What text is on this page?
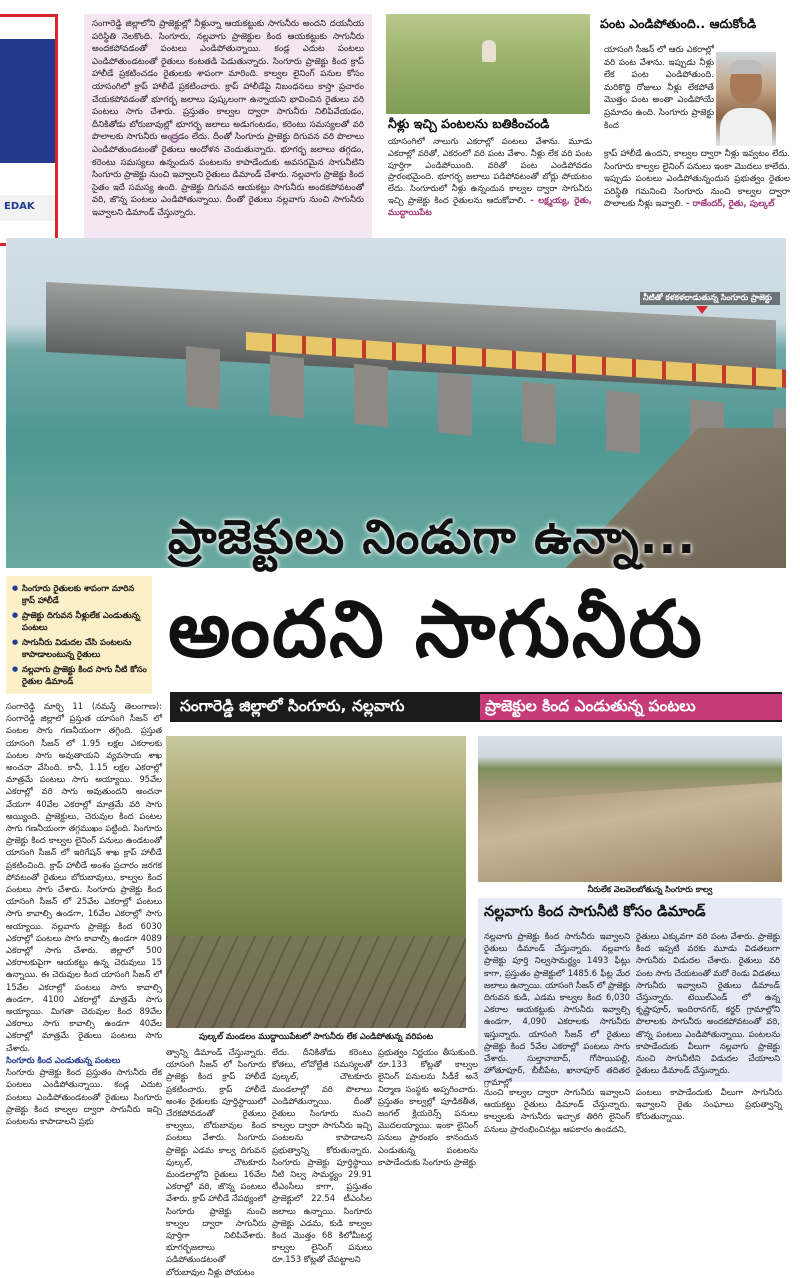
EDAK
సంగారెడ్డి జిల్లాలోని ప్రాజెక్టుల్లో నీళ్లున్నా ఆయకట్టుకు సాగునీరు అందని దయనీయ పరిస్థితి నెలకొంది. సింగూరు, నల్లవాగు ప్రాజెక్టుల కింద ఆయకట్టుకు సాగునీరు అందకపోవడంతో పంటలు ఎండిపోతున్నాయి. కండ్ల ఎదుట పంటలు ఎండిపోతుండటంతో రైతులు కంటతడి పెడుతున్నారు. సింగూరు ప్రాజెక్టు కింద క్రాప్ హాలీడే ప్రకటించడం రైతులకు శాపంగా మారింది. కాల్వల లైనింగ్ పనుల కోసం యాసంగిలో క్రాప్ హాలీడే ప్రకటించారు. క్రాప్ హాలీడేపై నిబంధనలు కాస్తా ప్రచారం చేయకపోవడంతో భూగర్భ జలాలు పుష్కలంగా ఉన్నాయని భావించిన రైతులు వరి పంటలు సాగు చేశారు. ప్రస్తుతం కాల్వల ద్వారా సాగునీరు నిలిపివేయడం, దీనికితోడు బోరుబావుల్లో భూగర్భ జలాలు అడుగంటడం, కరెంటు సమస్యలతో వరి పొలాలకు సాగునీరు అందడం లేదు. దీంతో సింగూరు ప్రాజెక్టు దిగువన వరి పొలాలు ఎండిపోతుండటంతో రైతులు ఆందోళన చెందుతున్నారు. భూగర్భ జలాలు తగ్గడం, కరెంటు సమస్యలు ఉన్నందున పంటలను కాపాడేందుకు అవసరమైన సాగునీటిని సింగూరు ప్రాజెక్టు నుంచి ఇవ్వాలని రైతులు డిమాండ్ చేశారు. నల్లవాగు ప్రాజెక్టు కింద సైతం ఇదే సమస్య ఉంది. ప్రాజెక్టు దిగువన ఆయకట్టు సాగునీరు అందకపోవటంతో వరి, జొన్న పంటలు ఎండిపోతున్నాయి. దీంతో రైతులు నల్లవాగు నుంచి సాగునీరు ఇవ్వాలని డిమాండ్ చేస్తున్నారు.
నీళ్లు ఇచ్చి పంటలను బతికించండి
యాసంగిలో నాలుగు ఎకరాల్లో పంటలు వేశాను. మూడు ఎకరాల్లో వరితో, ఎకరంలో వరి పంట వేశాం. నీళ్లు లేక వరి పంట పూర్తిగా ఎండిపోయింది. వరితో పంట ఎండిపోవడం ప్రారంభమైంది. భూగర్భ జలాలు పడిపోవటంతో బోర్లు పోయటం లేదు. సింగూరులో నీళ్లు ఉన్నందున కాల్వల ద్వారా సాగునీరు ఇచ్చి ప్రాజెక్టు కింద రైతులను ఆదుకోవాలి. - లక్ష్మయ్య, రైతు, ముద్దాయిపేట
పంట ఎండిపోతుంది.. ఆదుకోండి
యాసంగి సీజన్ లో ఆరు ఎకరాల్లో వరి పంట వేశాను. ఇప్పుడు నీళ్లు లేక పంట ఎండిపోతుంది. మరికొద్ది రోజులు నీళ్లు లేకపోతే మొత్తం పంట అంతా ఎండిపోయే ప్రమాదం ఉంది. సింగూరు ప్రాజెక్టు కింద
క్రాప్ హాలీడే ఉందని, కాల్వల ద్వారా నీళ్లు ఇవ్వటం లేదు. సింగూరు కాల్వల లైనింగ్ పనులు ఇంకా మొదలు కాలేదు. ఇప్పుడు పంటలు ఎండిపోతున్నందున ప్రభుత్వం రైతుల పరిస్థితి గమనించి సింగూరు నుంచి కాల్వల ద్వారా పొలాలకు నీళ్లు ఇవ్వాలి. - రాజేందర్, రైతు, పుల్కల్
నీటితో కళకళలాడుతున్న సింగూరు ప్రాజెక్టు
ప్రాజెక్టులు నిండుగా ఉన్నా...
అందని సాగునీరు
● సింగూరు రైతులకు శాపంగా మారిన క్రాప్ హాలీడే
● ప్రాజెక్టు దిగువన నీళ్లులేక ఎండుతున్న పంటలు
● సాగునీరు విడుదల చేసి పంటలను కాపాడాలంటున్న రైతులు
● నల్లవాగు ప్రాజెక్టు కింద సాగు నీటి కోసం రైతుల డిమాండ్
సంగారెడ్డి జిల్లాలో సింగూరు, నల్లవాగు	ప్రాజెక్టుల కింద ఎండుతున్న పంటలు
సంగారెడ్డి మార్చి 11 (నమస్తే తెలంగాణ): సంగారెడ్డి జిల్లాలో ప్రస్తుత యాసంగి సీజన్ లో పంటల సాగు గణనీయంగా తగ్గింది. ప్రస్తుత యాసంగి సీజన్ లో 1.95 లక్షల ఎకరాలకు పంటల సాగు అవుతాయని వ్యవసాయ శాఖ అంచనా వేసింది. కానీ, 1.15 లక్షల ఎకరాల్లో మాత్రమే పంటలు సాగు అయ్యాయి. 95వేల ఎకరాల్లో వరి సాగు అవుతుందని అంచనా వేయగా 40వేల ఎకరాల్లో మాత్రమే వరి సాగు అయ్యింది. ప్రాజెక్టులు, చెరువుల కింద పంటల సాగు గణనీయంగా తగ్గముఖం పట్టింది. సింగూరు ప్రాజెక్టు కింద కాల్వల లైనింగ్ పనులు ఉండటంతో యాసంగి సీజన్ లో ఇరిగేషన్ శాఖ క్రాప్ హాలీడే ప్రకటించింది. క్రాప్ హాలీడే అంశం ప్రచారం జరగక పోవటంతో రైతులు బోరుబావులు, కాల్వల కింద పంటలు సాగు చేశారు. సింగూరు ప్రాజెక్టు కింద యాసంగి సీజన్ లో 25వేల ఎకరాల్లో పంటలు సాగు కావాల్సి ఉండగా, 16వేల ఎకరాల్లో సాగు అయ్యాయి. నల్లవాగు ప్రాజెక్టు కింద 6030 ఎకరాల్లో పంటలు సాగు కావాల్సి ఉండగా 4089 ఎకరాల్లో సాగు చేశారు. జిల్లాలో 500 ఎకరాలకుపైగా ఆయకట్టు ఉన్న చెరువులు 15 ఉన్నాయి. ఈ చెరువుల కింద యాసంగి సీజన్ లో 15వేల ఎకరాల్లో పంటలు సాగు కావాల్సి ఉండగా, 4100 ఎకరాల్లో మాత్రమే సాగు అయ్యాయి. మిగతా చెరువుల కింద 89వేల ఎకరాలు సాగు కావాల్సి ఉండగా 40వేల ఎకరాల్లో మాత్రమే రైతులు పంటలు సాగు చేశారు.
సింగూరు కింద ఎండుతున్న పంటలు
సింగూరు ప్రాజెక్టు కింద ప్రస్తుతం సాగునీరు లేక పంటలు ఎండిపోతున్నాయి. కండ్ల ఎదుట పంటలు ఎండిపోతుండటంతో రైతులు సింగూరు ప్రాజెక్టు కింద కాల్వల ద్వారా సాగునీరు ఇచ్చి పంటలను కాపాడాలని ప్రభు
పుల్కల్ మండలం ముద్దాయిపేటలో సాగునీరు లేక ఎండిపోతున్న వరిపంట
నీరులేక వెలవెలబోతున్న సింగూరు కాల్వ
నల్లవాగు కింద సాగునీటి కోసం డిమాండ్
నల్లవాగు ప్రాజెక్టు కింద సాగునీరు ఇవ్వాలని రైతులు డిమాండ్ చేస్తున్నారు. నల్లవాగు ప్రాజెక్టు పూర్తి నిల్వసామర్థ్యం 1493 ఫీట్లు కాగా, ప్రస్తుతం ప్రాజెక్టులో 1485.6 ఫీట్ల మేర జలాలు ఉన్నాయి. యాసంగి సీజన్ లో ప్రాజెక్టు దిగువన కుడి, ఎడమ కాల్వల కింద 6,030 ఎకరాల ఆయకట్టుకు సాగునీరు ఇవ్వాల్సి ఉండగా, 4,090 ఎకరాలకు సాగునీరు ఇస్తున్నారు. యాసంగి సీజన్ లో రైతులు ప్రాజెక్టు కింద 5వేల ఎకరాల్లో పంటలు సాగు చేశారు. సుల్తానాబాద్, గోసాయిపల్లి, హోతూపూర్, బీబీపేట, ఖానాపూర్ తదితర గ్రామాల్లో
రైతులు ఎక్కువగా వరి పంట వేశారు. ప్రాజెక్టు కింద ఇప్పటి వరకు మూడు విడతలుగా సాగునీరు విడుదల చేశారు. రైతులు వరి పంట సాగు చేయటంతో మరో రెండు విడతలు సాగునీరు ఇవ్వాలని రైతులు డిమాండ్ చేస్తున్నారు. టెయిల్ఎండ్ లో ఉన్న కృష్ణాపూర్, ఇందిరానగర్, కర్జర్ గ్రామాల్లోని పొలాలకు సాగునీరు అందకపోవటంతో వరి, జొన్న పంటలు ఎండిపోతున్నాయి. పంటలను కాపాడేందుకు వీలుగా నల్లవాగు ప్రాజెక్టు నుంచి సాగునీటిని విడుదల చేయాలని రైతులు డిమాండ్ చేస్తున్నారు.
త్వాన్ని డిమాండ్ చేస్తున్నారు. యాసంగి సీజన్ లో సింగూరు ప్రాజెక్టు కింద క్రాప్ హాలీడే ప్రకటించారు. క్రాప్ హాలీడే అంశం రైతులకు పూర్తిస్థాయిలో చేరకపోవడంతో రైతులు కాల్వలు, బోరుబావుల కింద పంటలు వేశారు. సింగూరు ప్రాజెక్టు ఎడమ కాల్వ దిగువన పుల్కల్, చౌటకూరు మండలాల్లోని రైతులు 16వేల ఎకరాల్లో వరి, జొన్న పంటలు వేశారు. క్రాప్ హాలీడే నేపథ్యంలో సింగూరు ప్రాజెక్టు నుంచి కాల్వల ద్వారా సాగునీరు పూర్తిగా నిలిపివేశారు. భూగర్భజలాలు పడిపోతుండటంతో బోరుబావుల నీళ్లు పోయటం
లేదు. దీనికితోడు కరెంటు కోతలు, లోవోల్టేజీ సమస్యలతో పుల్కల్, చౌటకూరు మండలాల్లో వరి పొలాలు ఎండిపోతున్నాయి. దీంతో రైతులు సింగూరు నుంచి కాల్వల ద్వారా సాగునీరు ఇచ్చి పంటలను కాపాడాలని ప్రభుత్వాన్ని కోరుతున్నారు. సింగూరు ప్రాజెక్టు పూర్తిస్థాయి నీటి నిల్వ సామర్థ్యం 29.91 టీఎంసీలు కాగా, ప్రస్తుతం ప్రాజెక్టులో 22.54 టీఎంసీల జలాలు ఉన్నాయి. సింగూరు ప్రాజెక్టు ఎడమ, కుడి కాల్వల కింద మొత్తం 68 కిలోమీటర్ల కాల్వల లైనింగ్ పనులు రూ.153 కోట్లతో చేపట్టాలని
ప్రభుత్వం నిర్ణయం తీసుకుంది. రూ.133 కోట్లతో కాల్వల లైనింగ్ పనులను సీడీకే అనే నిర్మాణ సంస్థకు అప్పగించారు. ప్రస్తుతం కాల్వల్లో పూడికతీత, జంగల్ క్లియరెన్స్ పనులు మొదలయ్యాయి. ఇంకా లైనింగ్ పనులు ప్రారంభం కానందున ఎండుతున్న పంటలను కాపాడేందుకు సింగూరు ప్రాజెక్టు
నుంచి కాల్వల ద్వారా సాగునీరు ఇవ్వాలని ఆయకట్టు రైతులు డిమాండ్ చేస్తున్నారు. కాల్వలకు సాగునీరు ఇచ్చాక తిరిగి లైనింగ్ పనులు ప్రారంభించినట్లు ఆపకారం ఉండదని,
పంటలు కాపాడేందుకు వీలుగా సాగునీరు ఇవ్వాలని రైతు సంఘాలు ప్రభుత్వాన్ని కోరుతున్నాయి.
